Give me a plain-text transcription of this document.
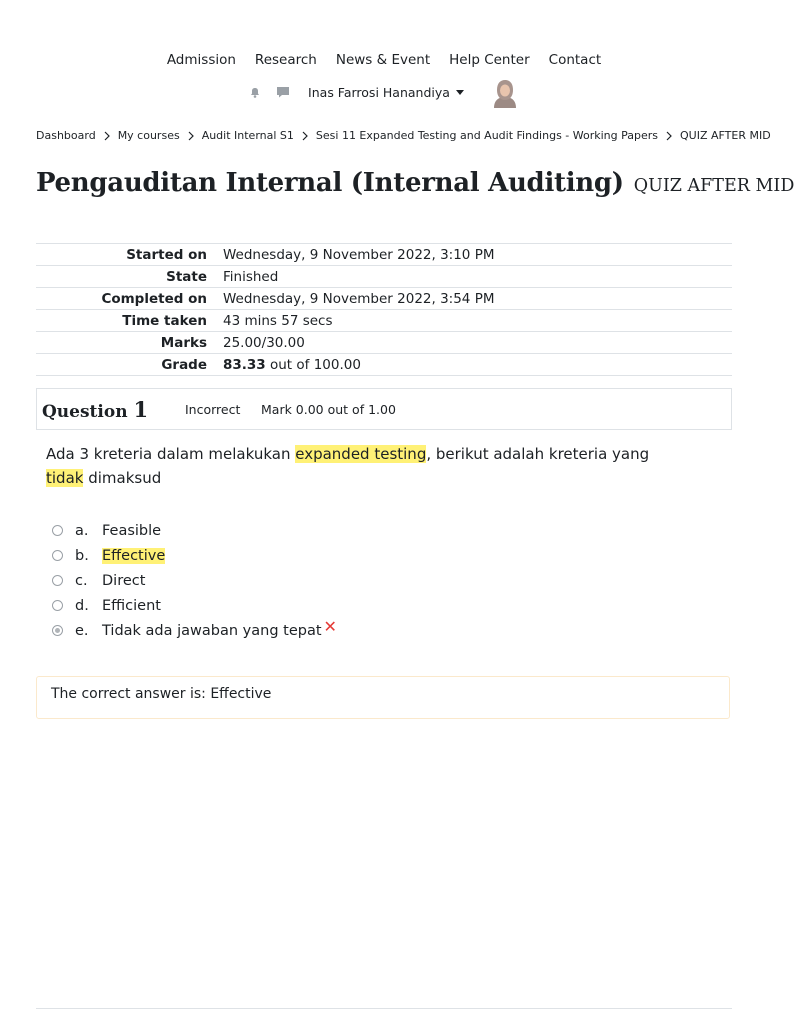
Admission Research News & Event Help Center Contact
Inas Farrosi Hanandiya
Dashboard My courses Audit Internal S1 Sesi 11 Expanded Testing and Audit Findings - Working Papers QUIZ AFTER MID
Pengauditan Internal (Internal Auditing) QUIZ AFTER MID
Started on	Wednesday, 9 November 2022, 3:10 PM
State	Finished
Completed on	Wednesday, 9 November 2022, 3:54 PM
Time taken	43 mins 57 secs
Marks	25.00/30.00
Grade	83.33 out of 100.00
Question 1	Incorrect	Mark 0.00 out of 1.00
Ada 3 kreteria dalam melakukan expanded testing, berikut adalah kreteria yang tidak dimaksud
a. Feasible
b. Effective
c. Direct
d. Efficient
e. Tidak ada jawaban yang tepat ✕
The correct answer is: Effective
